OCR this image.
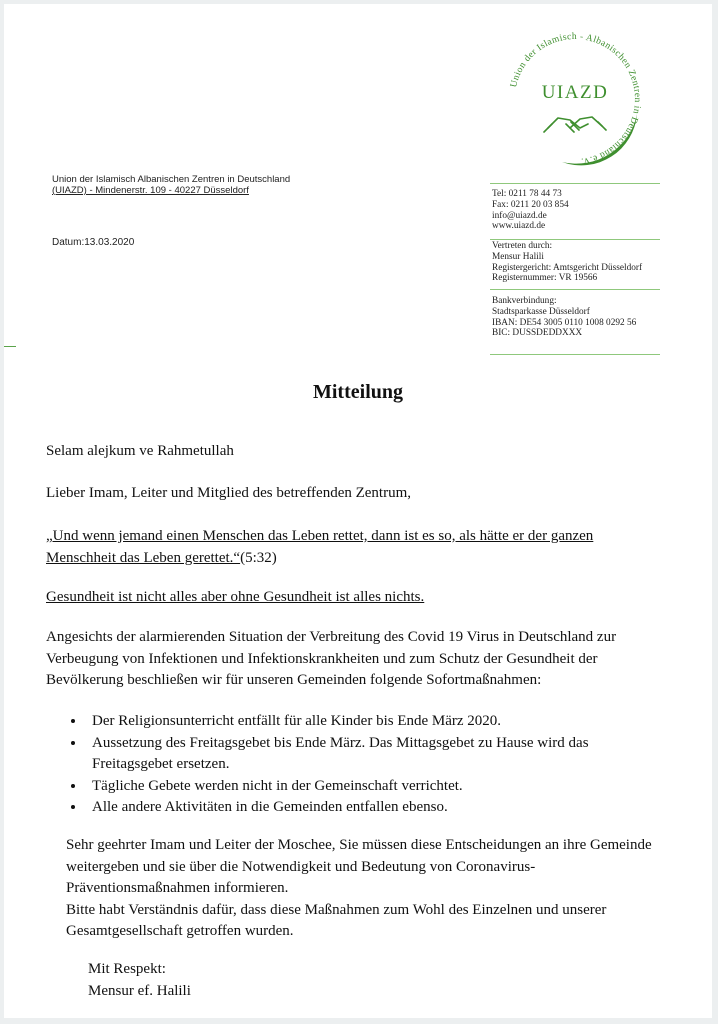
Union der Islamisch - Albanischen Zentren in Deutschland e.V.
UIAZD
Union der Islamisch Albanischen Zentren in Deutschland
(UIAZD) - Mindenerstr. 109 - 40227 Düsseldorf
Datum:13.03.2020
Tel: 0211 78 44 73
Fax: 0211 20 03 854
info@uiazd.de
www.uiazd.de
Vertreten durch:
Mensur Halili
Registergericht: Amtsgericht Düsseldorf
Registernummer: VR 19566
Bankverbindung:
Stadtsparkasse Düsseldorf
IBAN: DE54 3005 0110 1008 0292 56
BIC: DUSSDEDDXXX
Mitteilung
Selam alejkum ve Rahmetullah
Lieber Imam, Leiter und Mitglied des betreffenden Zentrum,
„Und wenn jemand einen Menschen das Leben rettet, dann ist es so, als hätte er der ganzen
Menschheit das Leben gerettet.“(5:32)
Gesundheit ist nicht alles aber ohne Gesundheit ist alles nichts.
Angesichts der alarmierenden Situation der Verbreitung des Covid 19 Virus in Deutschland zur
Verbeugung von Infektionen und Infektionskrankheiten und zum Schutz der Gesundheit der
Bevölkerung beschließen wir für unseren Gemeinden folgende Sofortmaßnahmen:
• Der Religionsunterricht entfällt für alle Kinder bis Ende März 2020.
• Aussetzung des Freitagsgebet bis Ende März. Das Mittagsgebet zu Hause wird das
Freitagsgebet ersetzen.
• Tägliche Gebete werden nicht in der Gemeinschaft verrichtet.
• Alle andere Aktivitäten in die Gemeinden entfallen ebenso.
Sehr geehrter Imam und Leiter der Moschee, Sie müssen diese Entscheidungen an ihre Gemeinde
weitergeben und sie über die Notwendigkeit und Bedeutung von Coronavirus-
Präventionsmaßnahmen informieren.
Bitte habt Verständnis dafür, dass diese Maßnahmen zum Wohl des Einzelnen und unserer
Gesamtgesellschaft getroffen wurden.
Mit Respekt:
Mensur ef. Halili
